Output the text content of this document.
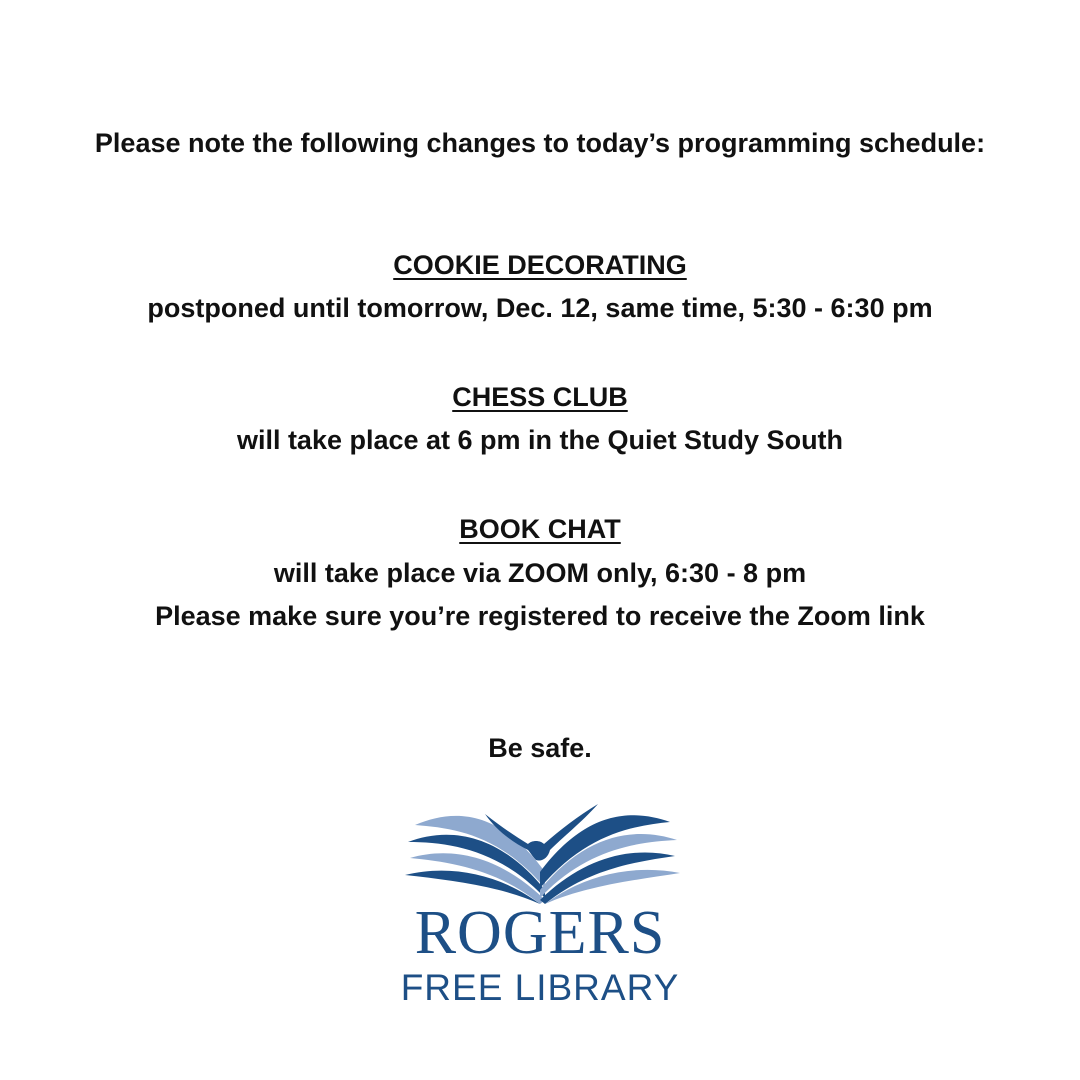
Please note the following changes to today’s programming schedule:
COOKIE DECORATING
postponed until tomorrow, Dec. 12, same time, 5:30 - 6:30 pm
CHESS CLUB
will take place at 6 pm in the Quiet Study South
BOOK CHAT
will take place via ZOOM only, 6:30 - 8 pm
Please make sure you’re registered to receive the Zoom link
Be safe.
ROGERS
FREE LIBRARY
